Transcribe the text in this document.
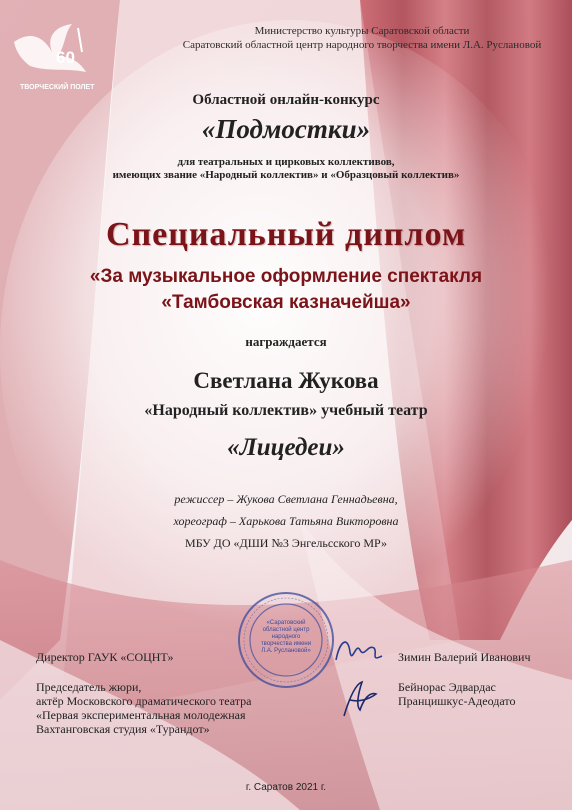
60
ТВОРЧЕСКИЙ ПОЛЕТ
Министерство культуры Саратовской области
Саратовский областной центр народного творчества имени Л.А. Руслановой
Областной онлайн-конкурс
«Подмостки»
для театральных и цирковых коллективов,
имеющих звание «Народный коллектив» и «Образцовый коллектив»
Специальный диплом
«За музыкальное оформление спектакля
«Тамбовская казначейша»
награждается
Светлана Жукова
«Народный коллектив» учебный театр
«Лицедеи»
режиссер – Жукова Светлана Геннадьевна,
хореограф – Харькова Татьяна Викторовна
МБУ ДО «ДШИ №3 Энгельсского МР»
«Саратовский областной центр народного творчества имени Л.А. Руслановой»
Директор ГАУК «СОЦНТ»	Зимин Валерий Иванович
Председатель жюри,
актёр Московского драматического театра
«Первая экспериментальная молодежная
Вахтанговская студия «Турандот»
Бейнорас Эдвардас
Пранцишкус-Адеодато
г. Саратов 2021 г.
